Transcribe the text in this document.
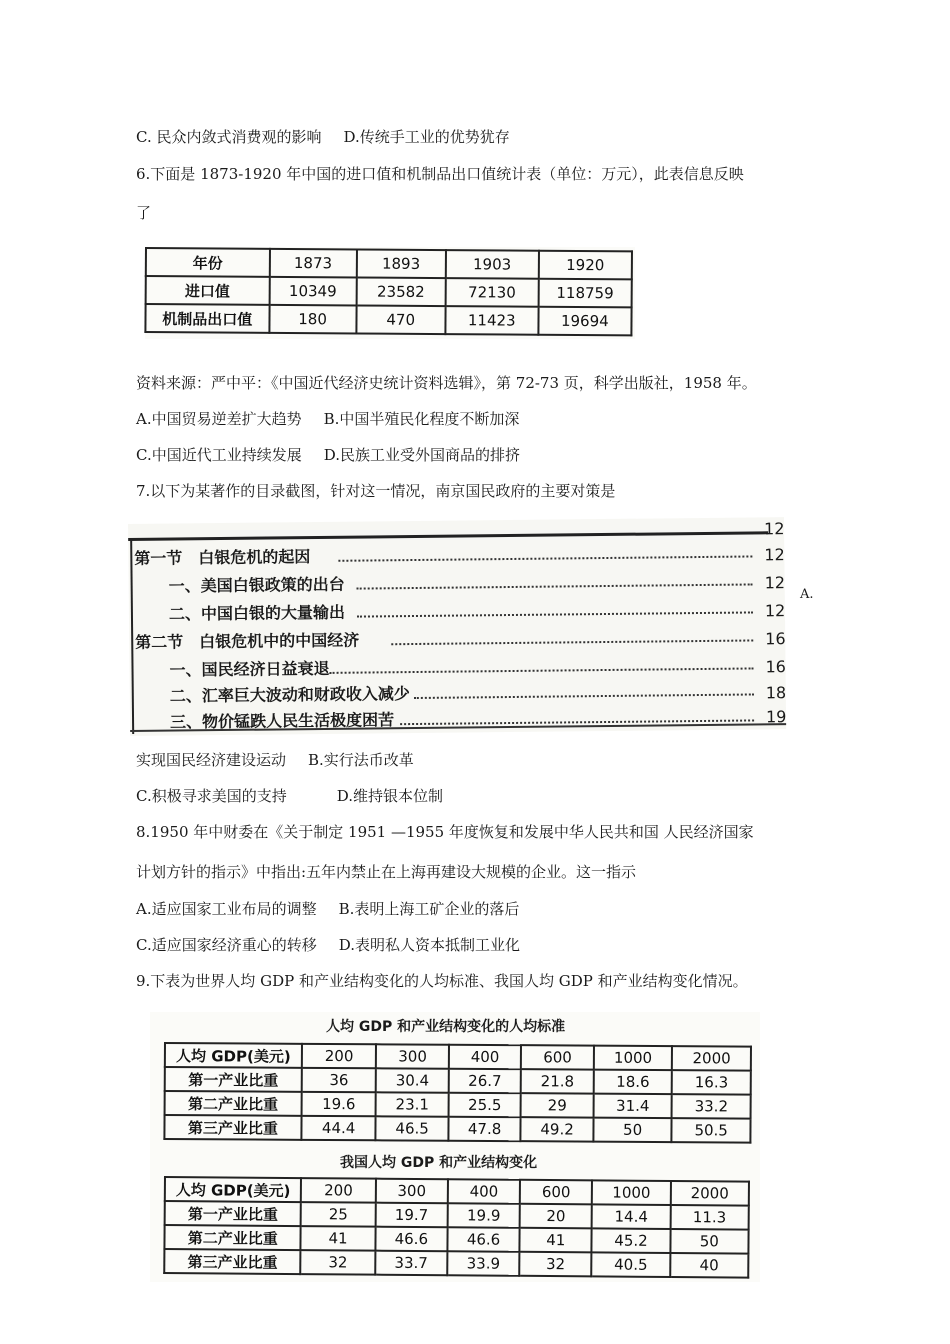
C. 民众内敛式消费观的影响 D.传统手工业的优势犹存
6.下面是 1873-1920 年中国的进口值和机制品出口值统计表（单位：万元），此表信息反映
了
年份	1873	1893	1903	1920
进口值	10349	23582	72130	118759
机制品出口值	180	470	11423	19694
资料来源：严中平：《中国近代经济史统计资料选辑》，第 72-73 页，科学出版社，1958 年。
A.中国贸易逆差扩大趋势 B.中国半殖民化程度不断加深
C.中国近代工业持续发展 D.民族工业受外国商品的排挤
7.以下为某著作的目录截图，针对这一情况，南京国民政府的主要对策是
12
第一节　白银危机的起因	12
一、美国白银政策的出台	12
二、中国白银的大量输出	12
第二节　白银危机中的中国经济	16
一、国民经济日益衰退	16
二、汇率巨大波动和财政收入减少	18
三、物价锰跌人民生活极度困苦	19
A.
实现国民经济建设运动 B.实行法币改革
C.积极寻求美国的支持	D.维持银本位制
8.1950 年中财委在《关于制定 1951 —1955 年度恢复和发展中华人民共和国 人民经济国家
计划方针的指示》中指出:五年内禁止在上海再建设大规模的企业。这一指示
A.适应国家工业布局的调整 B.表明上海工矿企业的落后
C.适应国家经济重心的转移 D.表明私人资本抵制工业化
9.下表为世界人均 GDP 和产业结构变化的人均标准、我国人均 GDP 和产业结构变化情况。
人均 GDP 和产业结构变化的人均标准
人均 GDP(美元)	200	300	400	600	1000	2000
第一产业比重	36	30.4	26.7	21.8	18.6	16.3
第二产业比重	19.6	23.1	25.5	29	31.4	33.2
第三产业比重	44.4	46.5	47.8	49.2	50	50.5
我国人均 GDP 和产业结构变化
人均 GDP(美元)	200	300	400	600	1000	2000
第一产业比重	25	19.7	19.9	20	14.4	11.3
第二产业比重	41	46.6	46.6	41	45.2	50
第三产业比重	32	33.7	33.9	32	40.5	40
